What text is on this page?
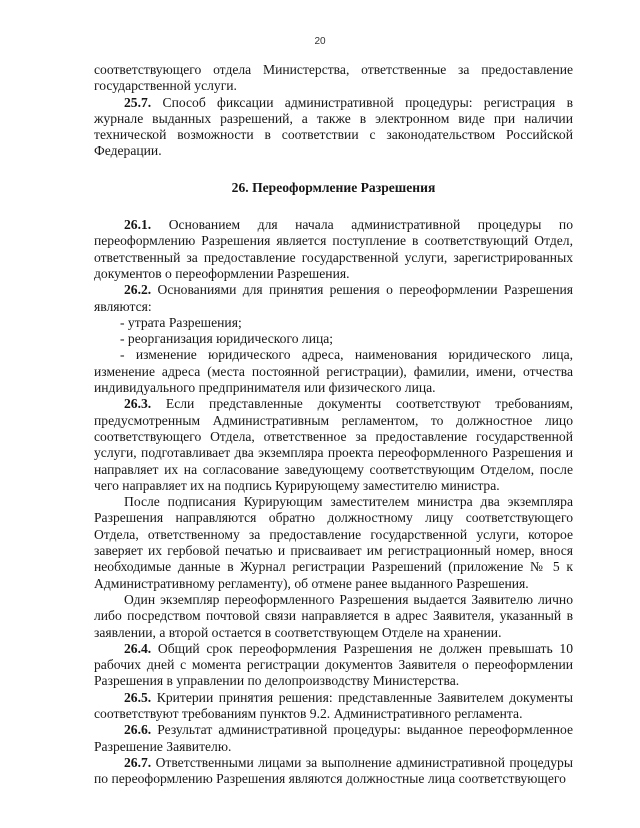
20

соответствующего отдела Министерства, ответственные за предоставление государственной услуги.

25.7. Способ фиксации административной процедуры: регистрация в журнале выданных разрешений, а также в электронном виде при наличии технической возможности в соответствии с законодательством Российской Федерации.

26. Переоформление Разрешения

26.1. Основанием для начала административной процедуры по переоформлению Разрешения является поступление в соответствующий Отдел, ответственный за предоставление государственной услуги, зарегистрированных документов о переоформлении Разрешения.

26.2. Основаниями для принятия решения о переоформлении Разрешения являются:

- утрата Разрешения;

- реорганизация юридического лица;

- изменение юридического адреса, наименования юридического лица, изменение адреса (места постоянной регистрации), фамилии, имени, отчества индивидуального предпринимателя или физического лица.

26.3. Если представленные документы соответствуют требованиям, предусмотренным Административным регламентом, то должностное лицо соответствующего Отдела, ответственное за предоставление государственной услуги, подготавливает два экземпляра проекта переоформленного Разрешения и направляет их на согласование заведующему соответствующим Отделом, после чего направляет их на подпись Курирующему заместителю министра.

После подписания Курирующим заместителем министра два экземпляра Разрешения направляются обратно должностному лицу соответствующего Отдела, ответственному за предоставление государственной услуги, которое заверяет их гербовой печатью и присваивает им регистрационный номер, внося необходимые данные в Журнал регистрации Разрешений (приложение № 5 к Административному регламенту), об отмене ранее выданного Разрешения.

Один экземпляр переоформленного Разрешения выдается Заявителю лично либо посредством почтовой связи направляется в адрес Заявителя, указанный в заявлении, а второй остается в соответствующем Отделе на хранении.

26.4. Общий срок переоформления Разрешения не должен превышать 10 рабочих дней с момента регистрации документов Заявителя о переоформлении Разрешения в управлении по делопроизводству Министерства.

26.5. Критерии принятия решения: представленные Заявителем документы соответствуют требованиям пунктов 9.2. Административного регламента.

26.6. Результат административной процедуры: выданное переоформленное Разрешение Заявителю.

26.7. Ответственными лицами за выполнение административной процедуры по переоформлению Разрешения являются должностные лица соответствующего
